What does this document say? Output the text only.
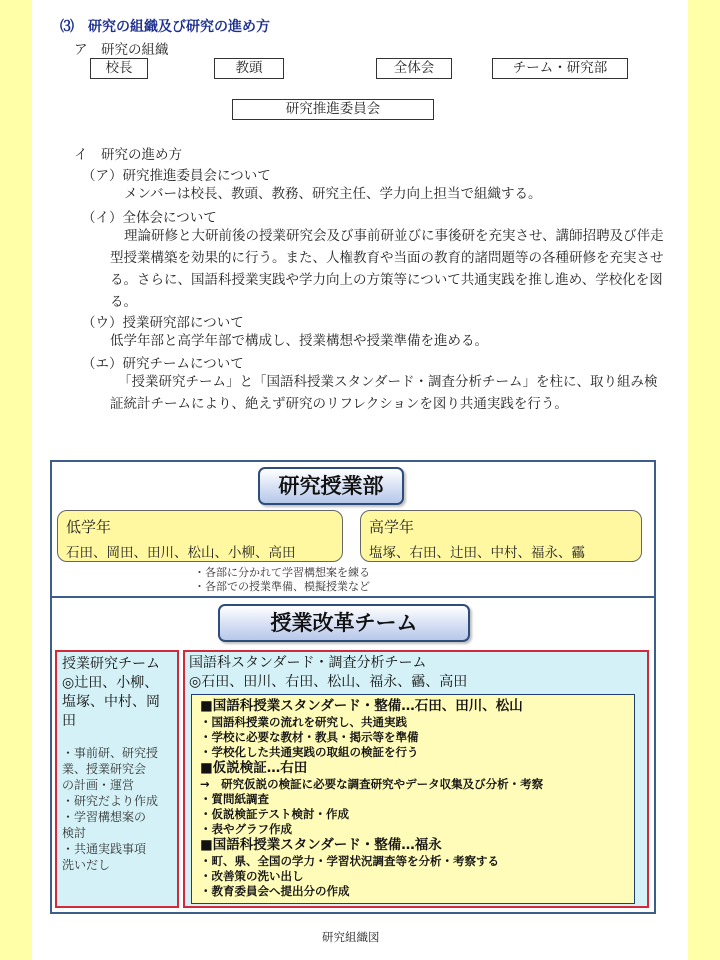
⑶　研究の組織及び研究の進め方
ア　研究の組織
校長	教頭	全体会	チーム・研究部
研究推進委員会
イ　研究の進め方
（ア）研究推進委員会について
メンバーは校長、教頭、教務、研究主任、学力向上担当で組織する。
（イ）全体会について
理論研修と大研前後の授業研究会及び事前研並びに事後研を充実させ、講師招聘及び伴走型授業構築を効果的に行う。また、人権教育や当面の教育的諸問題等の各種研修を充実させる。さらに、国語科授業実践や学力向上の方策等について共通実践を推し進め、学校化を図る。
（ウ）授業研究部について
低学年部と高学年部で構成し、授業構想や授業準備を進める。
（エ）研究チームについて
「授業研究チーム」と「国語科授業スタンダード・調査分析チーム」を柱に、取り組み検証統計チームにより、絶えず研究のリフレクションを図り共通実践を行う。
研究授業部
低学年
石田、岡田、田川、松山、小柳、高田
高学年
塩塚、右田、辻田、中村、福永、靏
・各部に分かれて学習構想案を練る
・各部での授業準備、模擬授業など
授業改革チーム
授業研究チーム
◎辻田、小柳、
塩塚、中村、岡田
・事前研、研究授
業、授業研究会
の計画・運営
・研究だより作成
・学習構想案の
検討
・共通実践事項
洗いだし
国語科スタンダード・調査分析チーム
◎石田、田川、右田、松山、福永、靏、高田
■国語科授業スタンダード・整備…石田、田川、松山
・国語科授業の流れを研究し、共通実践
・学校に必要な教材・教具・掲示等を準備
・学校化した共通実践の取組の検証を行う
■仮説検証…右田
→　研究仮説の検証に必要な調査研究やデータ収集及び分析・考察
・質問紙調査
・仮説検証テスト検討・作成
・表やグラフ作成
■国語科授業スタンダード・整備…福永
・町、県、全国の学力・学習状況調査等を分析・考察する
・改善策の洗い出し
・教育委員会へ提出分の作成
研究組織図
